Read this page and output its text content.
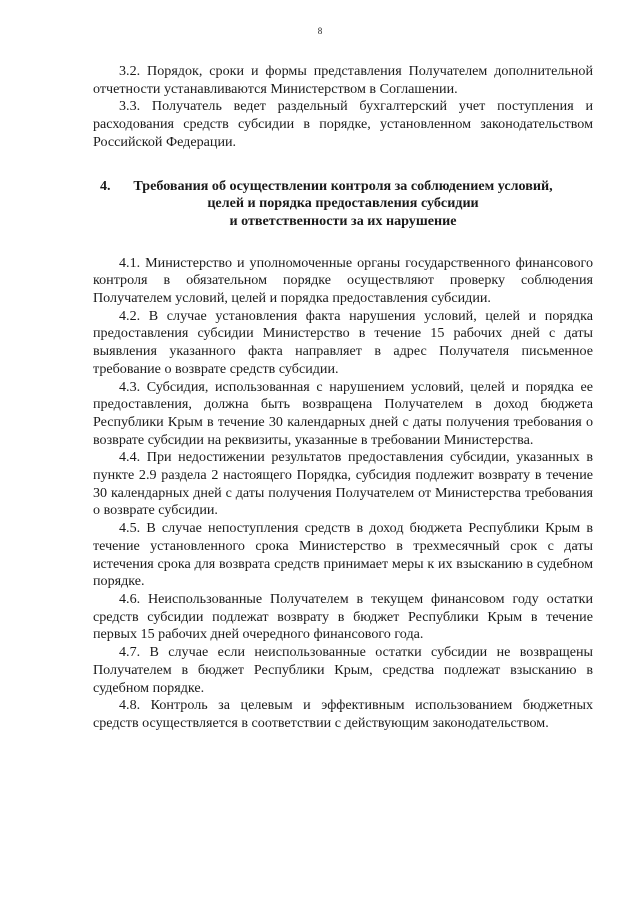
8

3.2. Порядок, сроки и формы представления Получателем дополнительной отчетности устанавливаются Министерством в Соглашении.

3.3. Получатель ведет раздельный бухгалтерский учет поступления и расходования средств субсидии в порядке, установленном законодательством Российской Федерации.

4.	Требования об осуществлении контроля за соблюдением условий,
целей и порядка предоставления субсидии
и ответственности за их нарушение

4.1. Министерство и уполномоченные органы государственного финансового контроля в обязательном порядке осуществляют проверку соблюдения Получателем условий, целей и порядка предоставления субсидии.

4.2. В случае установления факта нарушения условий, целей и порядка предоставления субсидии Министерство в течение 15 рабочих дней с даты выявления указанного факта направляет в адрес Получателя письменное требование о возврате средств субсидии.

4.3. Субсидия, использованная с нарушением условий, целей и порядка ее предоставления, должна быть возвращена Получателем в доход бюджета Республики Крым в течение 30 календарных дней с даты получения требования о возврате субсидии на реквизиты, указанные в требовании Министерства.

4.4. При недостижении результатов предоставления субсидии, указанных в пункте 2.9 раздела 2 настоящего Порядка, субсидия подлежит возврату в течение 30 календарных дней с даты получения Получателем от Министерства требования о возврате субсидии.

4.5. В случае непоступления средств в доход бюджета Республики Крым в течение установленного срока Министерство в трехмесячный срок с даты истечения срока для возврата средств принимает меры к их взысканию в судебном порядке.

4.6. Неиспользованные Получателем в текущем финансовом году остатки средств субсидии подлежат возврату в бюджет Республики Крым в течение первых 15 рабочих дней очередного финансового года.

4.7. В случае если неиспользованные остатки субсидии не возвращены Получателем в бюджет Республики Крым, средства подлежат взысканию в судебном порядке.

4.8. Контроль за целевым и эффективным использованием бюджетных средств осуществляется в соответствии с действующим законодательством.
